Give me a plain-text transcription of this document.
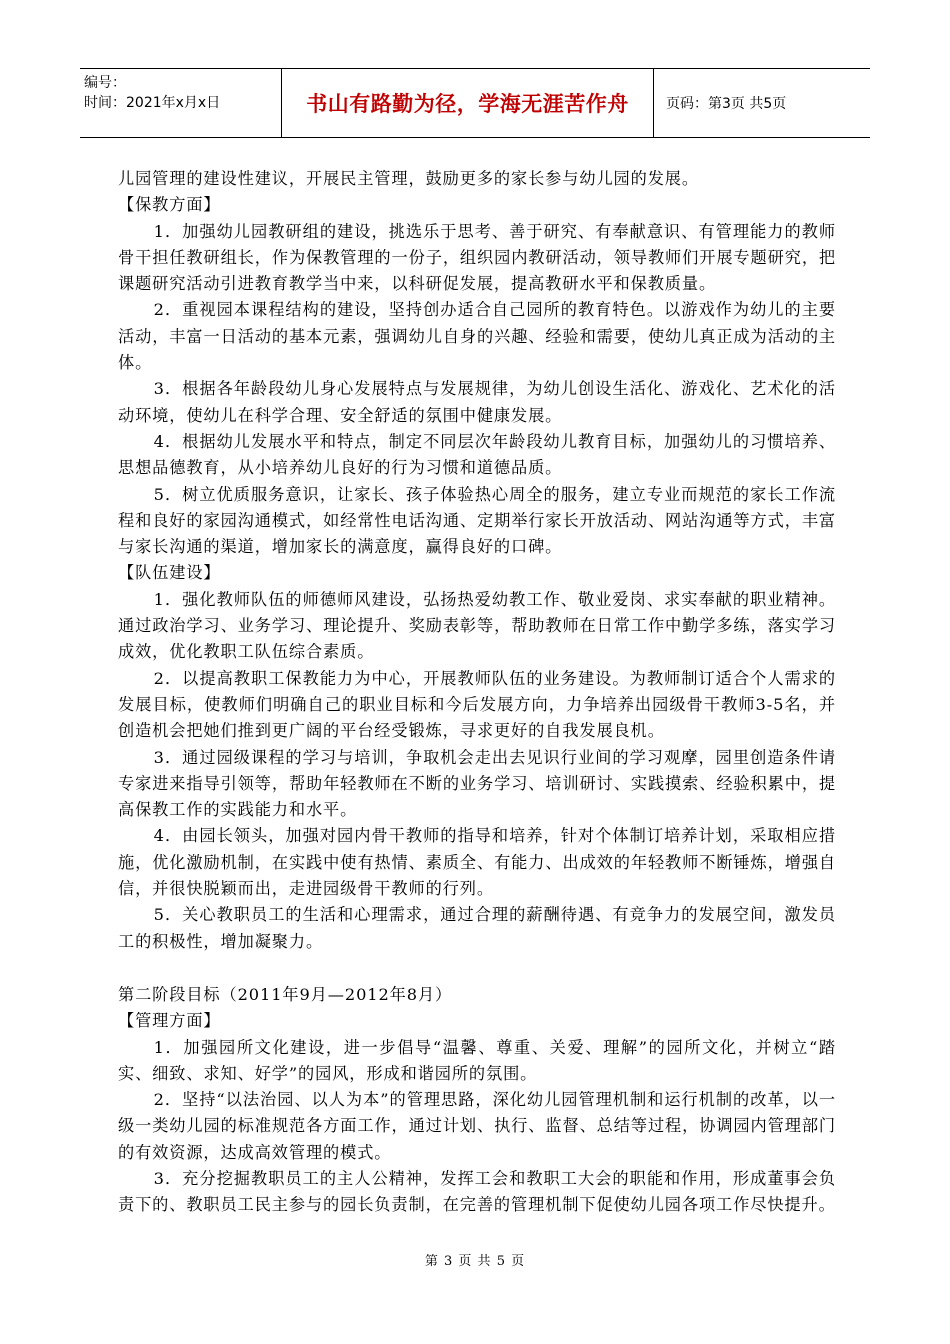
编号：
时间：2021年x月x日	书山有路勤为径，学海无涯苦作舟	页码：第3页 共5页

儿园管理的建设性建议，开展民主管理，鼓励更多的家长参与幼儿园的发展。

【保教方面】

1．加强幼儿园教研组的建设，挑选乐于思考、善于研究、有奉献意识、有管理能力的教师骨干担任教研组长，作为保教管理的一份子，组织园内教研活动，领导教师们开展专题研究，把课题研究活动引进教育教学当中来，以科研促发展，提高教研水平和保教质量。

2．重视园本课程结构的建设，坚持创办适合自己园所的教育特色。以游戏作为幼儿的主要活动，丰富一日活动的基本元素，强调幼儿自身的兴趣、经验和需要，使幼儿真正成为活动的主体。

3．根据各年龄段幼儿身心发展特点与发展规律，为幼儿创设生活化、游戏化、艺术化的活动环境，使幼儿在科学合理、安全舒适的氛围中健康发展。

4．根据幼儿发展水平和特点，制定不同层次年龄段幼儿教育目标，加强幼儿的习惯培养、思想品德教育，从小培养幼儿良好的行为习惯和道德品质。

5．树立优质服务意识，让家长、孩子体验热心周全的服务，建立专业而规范的家长工作流程和良好的家园沟通模式，如经常性电话沟通、定期举行家长开放活动、网站沟通等方式，丰富与家长沟通的渠道，增加家长的满意度，赢得良好的口碑。

【队伍建设】

1．强化教师队伍的师德师风建设，弘扬热爱幼教工作、敬业爱岗、求实奉献的职业精神。通过政治学习、业务学习、理论提升、奖励表彰等，帮助教师在日常工作中勤学多练，落实学习成效，优化教职工队伍综合素质。

2．以提高教职工保教能力为中心，开展教师队伍的业务建设。为教师制订适合个人需求的发展目标，使教师们明确自己的职业目标和今后发展方向，力争培养出园级骨干教师3-5名，并创造机会把她们推到更广阔的平台经受锻炼，寻求更好的自我发展良机。

3．通过园级课程的学习与培训，争取机会走出去见识行业间的学习观摩，园里创造条件请专家进来指导引领等，帮助年轻教师在不断的业务学习、培训研讨、实践摸索、经验积累中，提高保教工作的实践能力和水平。

4．由园长领头，加强对园内骨干教师的指导和培养，针对个体制订培养计划，采取相应措施，优化激励机制，在实践中使有热情、素质全、有能力、出成效的年轻教师不断锤炼，增强自信，并很快脱颖而出，走进园级骨干教师的行列。

5．关心教职员工的生活和心理需求，通过合理的薪酬待遇、有竞争力的发展空间，激发员工的积极性，增加凝聚力。

第二阶段目标（2011年9月—2012年8月）

【管理方面】

1．加强园所文化建设，进一步倡导“温馨、尊重、关爱、理解”的园所文化，并树立“踏实、细致、求知、好学”的园风，形成和谐园所的氛围。

2．坚持“以法治园、以人为本”的管理思路，深化幼儿园管理机制和运行机制的改革，以一级一类幼儿园的标准规范各方面工作，通过计划、执行、监督、总结等过程，协调园内管理部门的有效资源，达成高效管理的模式。

3．充分挖掘教职员工的主人公精神，发挥工会和教职工大会的职能和作用，形成董事会负责下的、教职员工民主参与的园长负责制，在完善的管理机制下促使幼儿园各项工作尽快提升。

第 3 页 共 5 页
